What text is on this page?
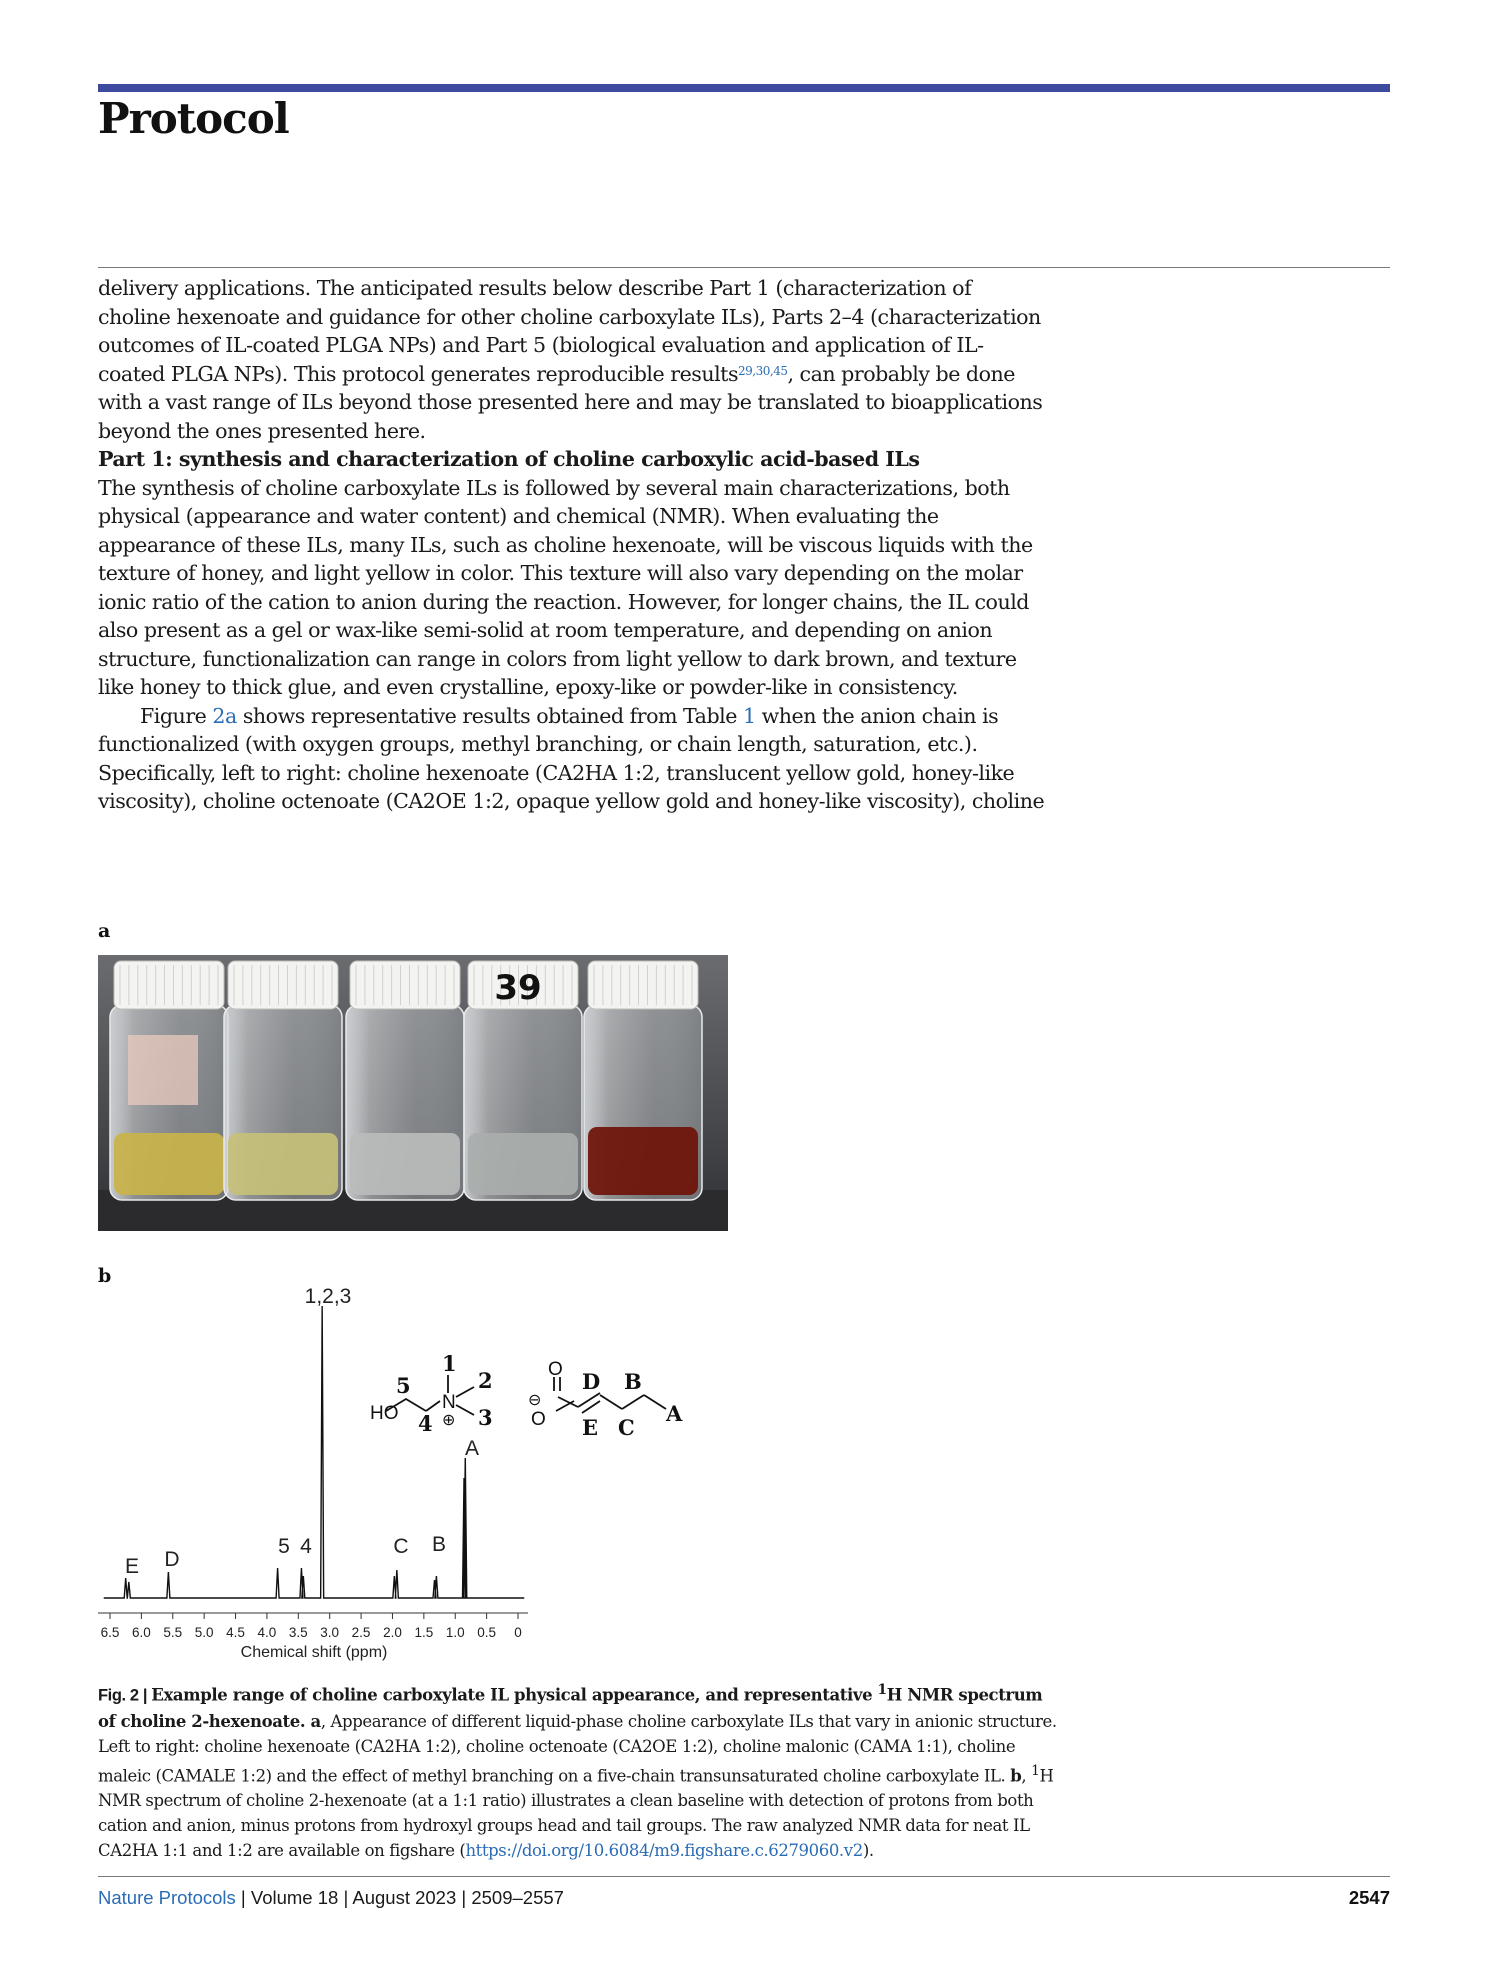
Protocol

delivery applications. The anticipated results below describe Part 1 (characterization of choline hexenoate and guidance for other choline carboxylate ILs), Parts 2–4 (characterization outcomes of IL-coated PLGA NPs) and Part 5 (biological evaluation and application of IL-coated PLGA NPs). This protocol generates reproducible results$^{29,30,45}$, can probably be done with a vast range of ILs beyond those presented here and may be translated to bioapplications beyond the ones presented here.

Part 1: synthesis and characterization of choline carboxylic acid-based ILs

The synthesis of choline carboxylate ILs is followed by several main characterizations, both physical (appearance and water content) and chemical (NMR). When evaluating the appearance of these ILs, many ILs, such as choline hexenoate, will be viscous liquids with the texture of honey, and light yellow in color. This texture will also vary depending on the molar ionic ratio of the cation to anion during the reaction. However, for longer chains, the IL could also present as a gel or wax-like semi-solid at room temperature, and depending on anion structure, functionalization can range in colors from light yellow to dark brown, and texture like honey to thick glue, and even crystalline, epoxy-like or powder-like in consistency.

Figure 2a shows representative results obtained from Table 1 when the anion chain is functionalized (with oxygen groups, methyl branching, or chain length, saturation, etc.). Specifically, left to right: choline hexenoate (CA2HA 1:2, translucent yellow gold, honey-like viscosity), choline octenoate (CA2OE 1:2, opaque yellow gold and honey-like viscosity), choline

a
39
b
6.5 6.0 5.5 5.0 4.5 4.0 3.5 3.0 2.5 2.0 1.5 1.0 0.5 0
1,2,3
E D
5 4	C B
A
Chemical shift (ppm)
HO
N
⊕
O
O
⊖
1
2
3
4
5	D B
A
E C
Fig. 2 | Example range of choline carboxylate IL physical appearance, and representative $^1$H NMR spectrum of choline 2-hexenoate. a, Appearance of different liquid-phase choline carboxylate ILs that vary in anionic structure. Left to right: choline hexenoate (CA2HA 1:2), choline octenoate (CA2OE 1:2), choline malonic (CAMA 1:1), choline maleic (CAMALE 1:2) and the effect of methyl branching on a five-chain transunsaturated choline carboxylate IL. b, $^1$H NMR spectrum of choline 2-hexenoate (at a 1:1 ratio) illustrates a clean baseline with detection of protons from both cation and anion, minus protons from hydroxyl groups head and tail groups. The raw analyzed NMR data for neat IL CA2HA 1:1 and 1:2 are available on figshare (https://doi.org/10.6084/m9.figshare.c.6279060.v2).
Nature Protocols | Volume 18 | August 2023 | 2509–2557	2547
